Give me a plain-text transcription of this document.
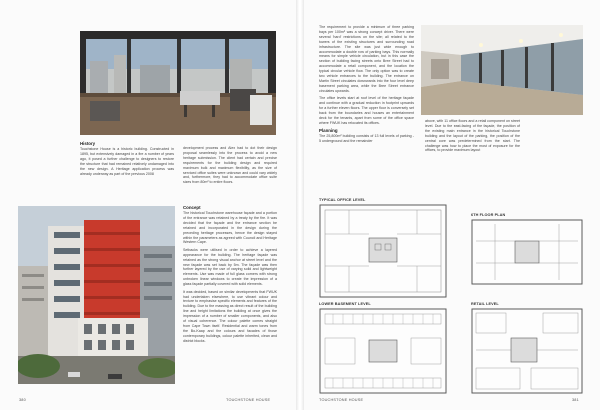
History

Touchstone House is a historic building. Constructed in 1895, but extensively damaged in a fire a number of years ago, it posed a further challenge to designers to restore the structure that had remained relatively undamaged into the new design. A Heritage application process was already underway as part of the previous 2008

development process and Alex had to dot their design proposal seamlessly into the process to avoid a new heritage submission. The client had certain and precise requirements for the building design and required maximum bulk and maximum flexibility, as the size of serviced office suites were unknown and could vary widely and, furthermore, they had to accommodate office suite sizes from 80m² to entire floors.

Concept

The historical Touchstone warehouse façade and a portion of the entrance was retained by a treaty by the fire. It was decided that the façade and the entrance section be retained and incorporated in the design during the preceding heritage processes, hence the design stayed within the parameters as agreed with Council and Heritage Western Cape.

Setbacks were utilised in order to achieve a layered appearance for the building. The heritage façade was retained as the strong visual anchor at street level and the new façade was set back by 5m. The façade was then further layered by the use of varying solid and lightweight elements. Use was made of full glass corners with strong unbroken linear windows to create the impression of a glass façade partially covered with solid elements.

It was decided, based on similar developments that FWUK had undertaken elsewhere, to use vibrant colour and texture to emphasise specific elements and features of the building. Due to the massing as direct result of the building line and height limitations the building at once gives the impression of a number of smaller components, and also of visual coherence. The colour palette comes straight from Cape Town itself. Residential and warm tones from the Bo-Kaap and the colours and facades of those contemporary buildings, colour palette inherited, clean and district blocks.

380	TOUCHSTONE HOUSE

The requirement to provide a minimum of three parking bays per 100m² was a strong concept driver. There were several 'hard' restrictions on the site; all related to the towers of the existing structures and surrounding road infrastructure. The site was just wide enough to accommodate a double row of parking bays. This normally means for simple vehicle circulation, but in this case the section of building facing streets onto Bree Street had to accommodate a retail component, and the location the typical circular vehicle flow. The only option was to create two vehicle entrances to the building. The entrance on Martin Street circulates downwards into the four level deep basement parking area, while the Bree Street entrance circulates upwards.

The office levels start at roof level of the heritage façade and continue with a gradual reduction in footprint upwards for a further eleven floors. The upper floor is conversely set back from the boundaries and houses an entertainment deck for the tenants, apart from some of the office space where FWUK has relocated its offices.

Planning

The 25,800m² building consists of 13 full levels of parking - 5 underground and the remainder

above, with 11 office floors and a retail component on street level. Due to the east-facing of the façade, the position of the existing main entrance in the historical Touchstone building and the layout of the parking, the position of the central core was predetermined from the start. The challenge was how to place the most of exposure for the offices, to provide maximum layout

TYPICAL OFFICE LEVEL
6TH FLOOR PLAN
LOWER BASEMENT LEVEL	RETAIL LEVEL
TOUCHSTONE HOUSE	381
